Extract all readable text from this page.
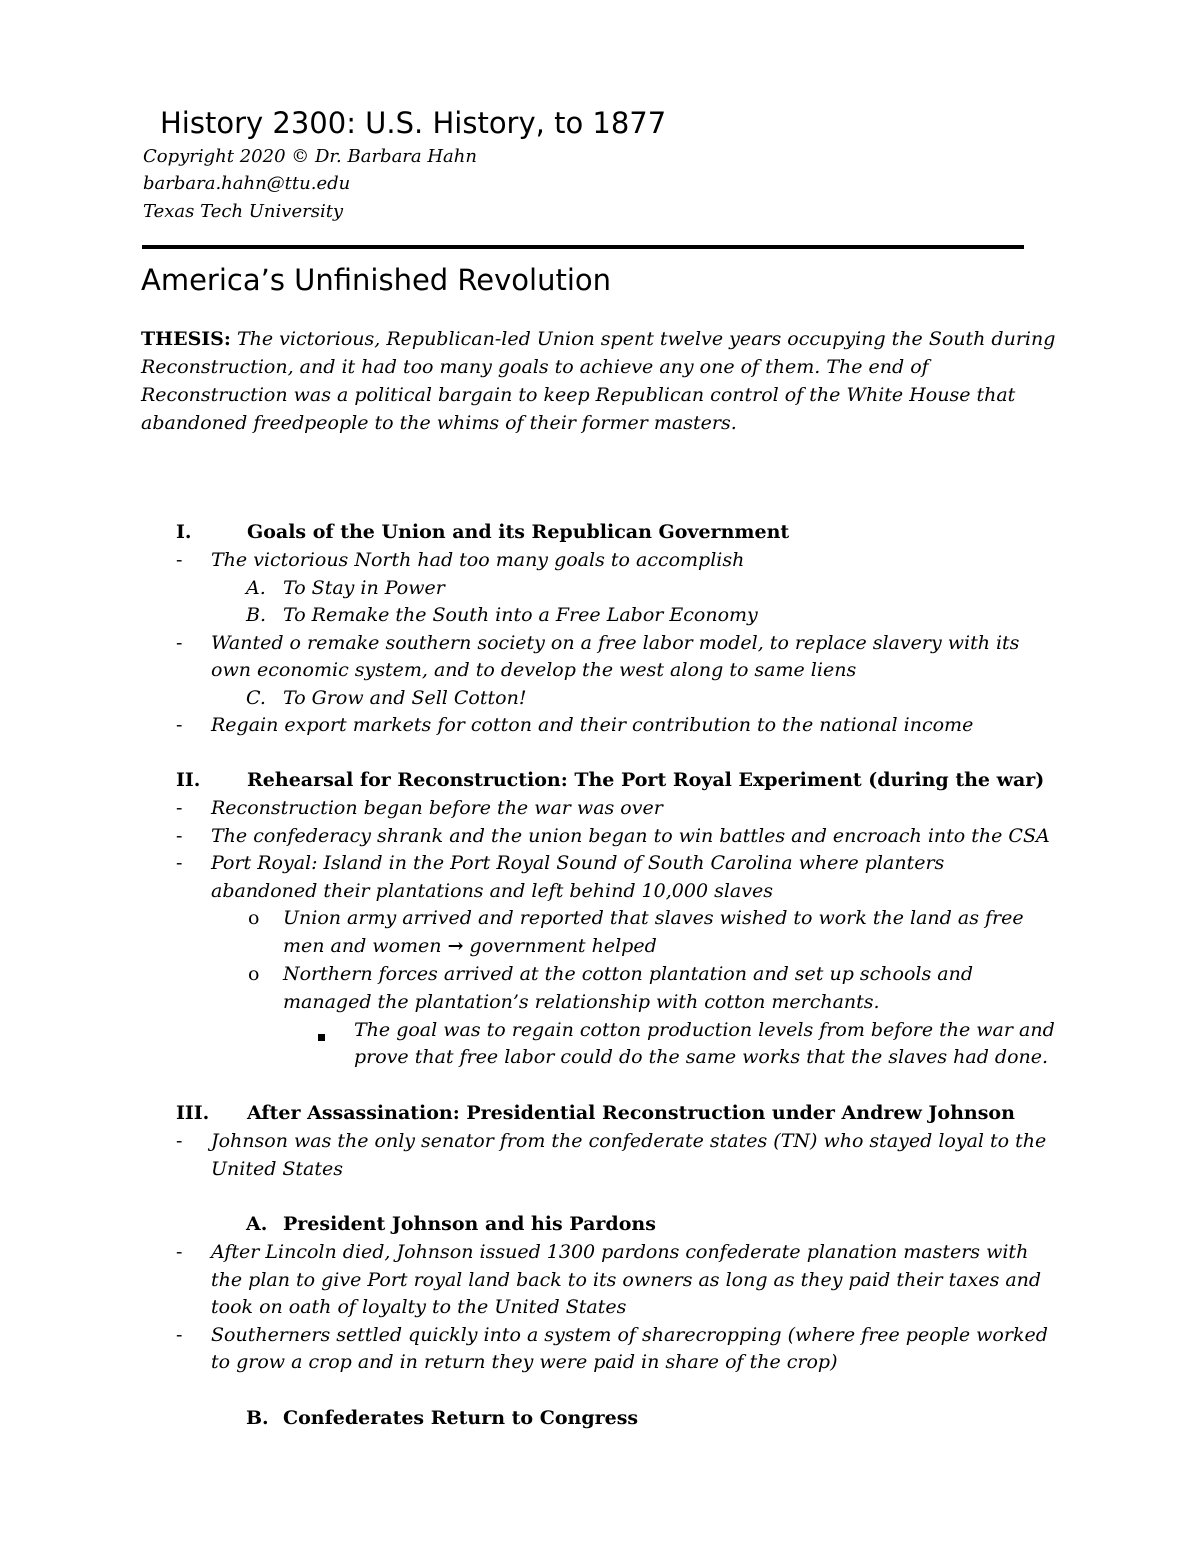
History 2300: U.S. History, to 1877
Copyright 2020 © Dr. Barbara Hahn
barbara.hahn@ttu.edu
Texas Tech University
America’s Unfinished Revolution
THESIS: The victorious, Republican-led Union spent twelve years occupying the South during
Reconstruction, and it had too many goals to achieve any one of them. The end of
Reconstruction was a political bargain to keep Republican control of the White House that
abandoned freedpeople to the whims of their former masters.
I.	Goals of the Union and its Republican Government
- The victorious North had too many goals to accomplish
A. To Stay in Power
B. To Remake the South into a Free Labor Economy
- Wanted o remake southern society on a free labor model, to replace slavery with its
own economic system, and to develop the west along to same liens
C. To Grow and Sell Cotton!
- Regain export markets for cotton and their contribution to the national income
II. Rehearsal for Reconstruction: The Port Royal Experiment (during the war)
- Reconstruction began before the war was over
- The confederacy shrank and the union began to win battles and encroach into the CSA
- Port Royal: Island in the Port Royal Sound of South Carolina where planters
abandoned their plantations and left behind 10,000 slaves
o Union army arrived and reported that slaves wished to work the land as free
men and women → government helped
o Northern forces arrived at the cotton plantation and set up schools and
managed the plantation’s relationship with cotton merchants.
The goal was to regain cotton production levels from before the war and
prove that free labor could do the same works that the slaves had done.
III. After Assassination: Presidential Reconstruction under Andrew Johnson
- Johnson was the only senator from the confederate states (TN) who stayed loyal to the
United States
A. President Johnson and his Pardons
- After Lincoln died, Johnson issued 1300 pardons confederate planation masters with
the plan to give Port royal land back to its owners as long as they paid their taxes and
took on oath of loyalty to the United States
- Southerners settled quickly into a system of sharecropping (where free people worked
to grow a crop and in return they were paid in share of the crop)
B. Confederates Return to Congress
